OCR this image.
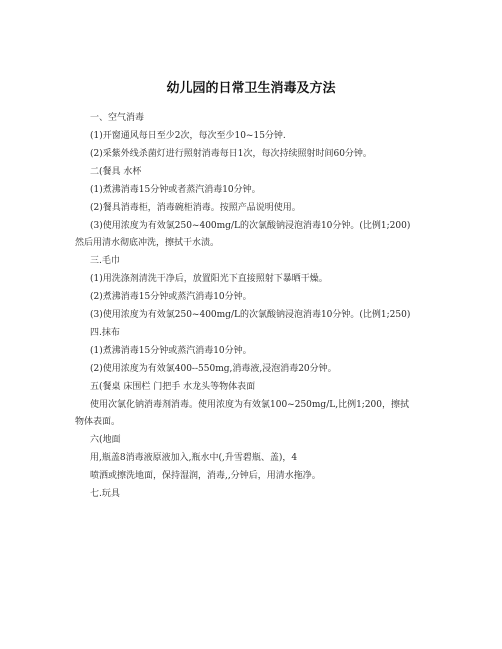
幼儿园的日常卫生消毒及方法
一、空气消毒
(1)开窗通风每日至少2次，每次至少10~15分钟.
(2)采紫外线杀菌灯进行照射消毒每日1次，每次持续照射时间60分钟。
二(餐具 水杯
(1)煮沸消毒15分钟或者蒸汽消毒10分钟。
(2)餐具消毒柜，消毒碗柜消毒。按照产品说明使用。
(3)使用浓度为有效氯250~400mg/L的次氯酸钠浸泡消毒10分钟。(比例1;200)
然后用清水彻底冲洗，擦拭干水渍。
三.毛巾
(1)用洗涤剂清洗干净后，放置阳光下直接照射下暴晒干燥。
(2)煮沸消毒15分钟或蒸汽消毒10分钟。
(3)使用浓度为有效氯250~400mg/L的次氯酸钠浸泡消毒10分钟。(比例1;250)
四.抹布
(1)煮沸消毒15分钟或蒸汽消毒10分钟。
(2)使用浓度为有效氯400--550mg,消毒液,浸泡消毒20分钟。
五(餐桌 床围栏 门把手 水龙头等物体表面
使用次氯化钠消毒剂消毒。使用浓度为有效氯100~250mg/L,比例1;200，擦拭
物体表面。
六(地面
用,瓶盖8消毒液原液加入,瓶水中(,升雪碧瓶、盖)，4
喷洒或擦洗地面，保持湿润，消毒,,分钟后，用清水拖净。
七.玩具
